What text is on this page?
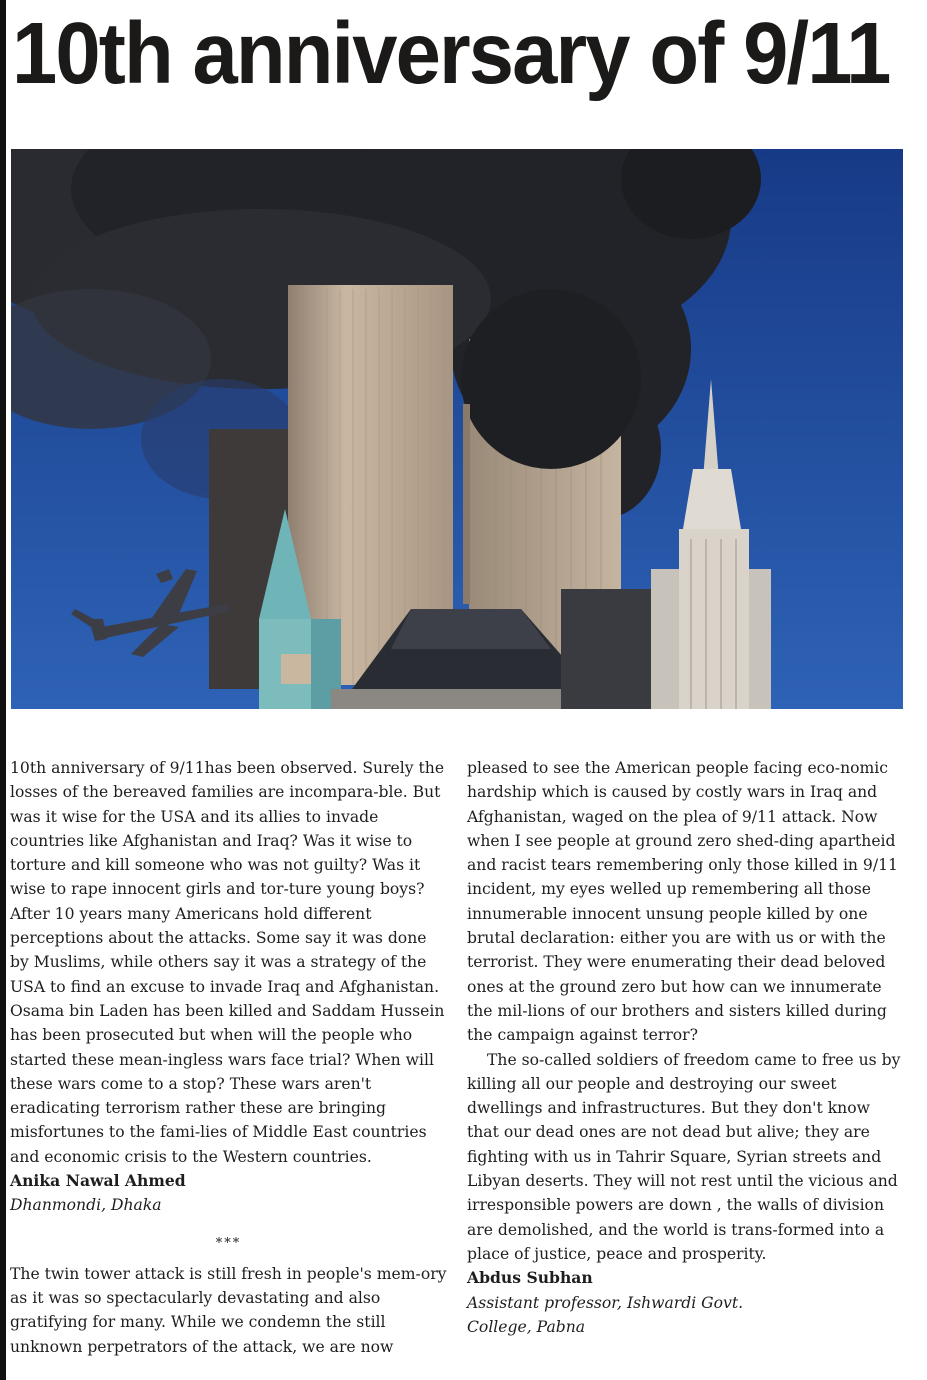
10th anniversary of 9/11

10th anniversary of 9/11has been observed. Surely the losses of the bereaved families are incompara-ble. But was it wise for the USA and its allies to invade countries like Afghanistan and Iraq? Was it wise to torture and kill someone who was not guilty? Was it wise to rape innocent girls and tor-ture young boys? After 10 years many Americans hold different perceptions about the attacks. Some say it was done by Muslims, while others say it was a strategy of the USA to find an excuse to invade Iraq and Afghanistan. Osama bin Laden has been killed and Saddam Hussein has been prosecuted but when will the people who started these mean-ingless wars face trial? When will these wars come to a stop? These wars aren't eradicating terrorism rather these are bringing misfortunes to the fami-lies of Middle East countries and economic crisis to the Western countries.

Anika Nawal Ahmed
Dhanmondi, Dhaka
***

The twin tower attack is still fresh in people's mem-ory as it was so spectacularly devastating and also gratifying for many. While we condemn the still unknown perpetrators of the attack, we are now

pleased to see the American people facing eco-nomic hardship which is caused by costly wars in Iraq and Afghanistan, waged on the plea of 9/11 attack. Now when I see people at ground zero shed-ding apartheid and racist tears remembering only those killed in 9/11 incident, my eyes welled up remembering all those innumerable innocent unsung people killed by one brutal declaration: either you are with us or with the terrorist. They were enumerating their dead beloved ones at the ground zero but how can we innumerate the mil-lions of our brothers and sisters killed during the campaign against terror?

The so-called soldiers of freedom came to free us by killing all our people and destroying our sweet dwellings and infrastructures. But they don't know that our dead ones are not dead but alive; they are fighting with us in Tahrir Square, Syrian streets and Libyan deserts. They will not rest until the vicious and irresponsible powers are down , the walls of division are demolished, and the world is trans-formed into a place of justice, peace and prosperity.

Abdus Subhan
Assistant professor, Ishwardi Govt.
College, Pabna
